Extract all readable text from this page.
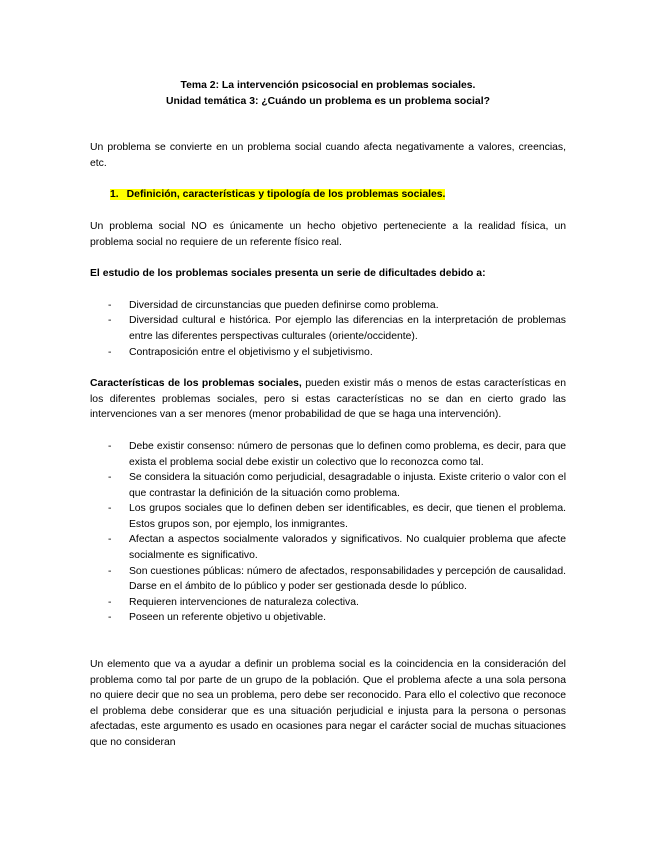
Tema 2: La intervención psicosocial en problemas sociales.

Unidad temática 3: ¿Cuándo un problema es un problema social?

Un problema se convierte en un problema social cuando afecta negativamente a valores, creencias, etc.

1. Definición, características y tipología de los problemas sociales.

Un problema social NO es únicamente un hecho objetivo perteneciente a la realidad física, un problema social no requiere de un referente físico real.

El estudio de los problemas sociales presenta un serie de dificultades debido a:

- Diversidad de circunstancias que pueden definirse como problema.
- Diversidad cultural e histórica. Por ejemplo las diferencias en la interpretación de problemas entre las diferentes perspectivas culturales (oriente/occidente).
- Contraposición entre el objetivismo y el subjetivismo.

Características de los problemas sociales, pueden existir más o menos de estas características en los diferentes problemas sociales, pero si estas características no se dan en cierto grado las intervenciones van a ser menores (menor probabilidad de que se haga una intervención).

- Debe existir consenso: número de personas que lo definen como problema, es decir, para que exista el problema social debe existir un colectivo que lo reconozca como tal.
- Se considera la situación como perjudicial, desagradable o injusta. Existe criterio o valor con el que contrastar la definición de la situación como problema.
- Los grupos sociales que lo definen deben ser identificables, es decir, que tienen el problema. Estos grupos son, por ejemplo, los inmigrantes.
- Afectan a aspectos socialmente valorados y significativos. No cualquier problema que afecte socialmente es significativo.
- Son cuestiones públicas: número de afectados, responsabilidades y percepción de causalidad. Darse en el ámbito de lo público y poder ser gestionada desde lo público.
- Requieren intervenciones de naturaleza colectiva.
- Poseen un referente objetivo u objetivable.

Un elemento que va a ayudar a definir un problema social es la coincidencia en la consideración del problema como tal por parte de un grupo de la población. Que el problema afecte a una sola persona no quiere decir que no sea un problema, pero debe ser reconocido. Para ello el colectivo que reconoce el problema debe considerar que es una situación perjudicial e injusta para la persona o personas afectadas, este argumento es usado en ocasiones para negar el carácter social de muchas situaciones que no consideran
